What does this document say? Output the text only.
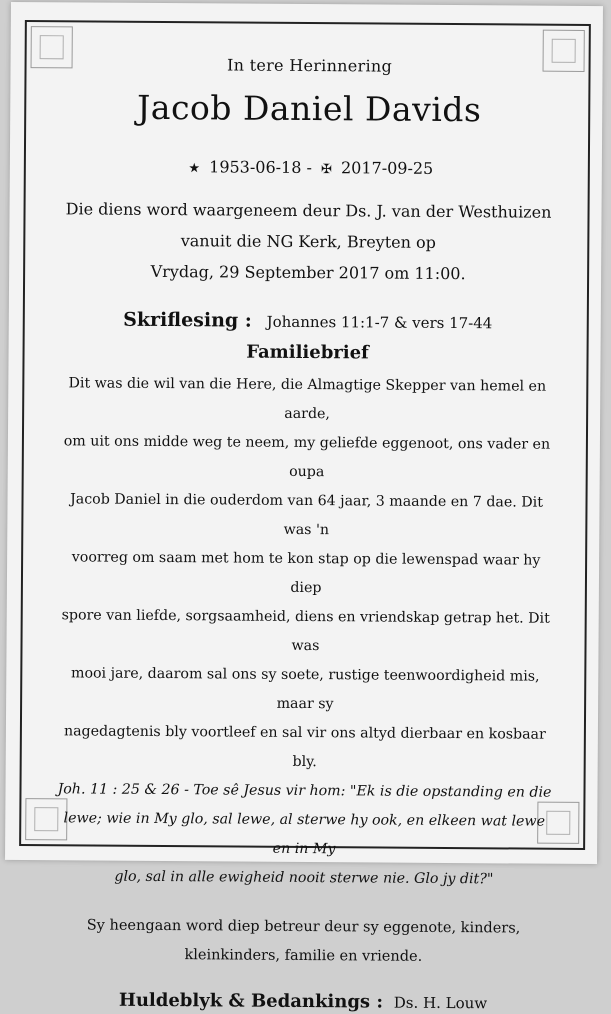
In tere Herinnering
Jacob Daniel Davids
★ 1953-06-18 - ✠ 2017-09-25
Die diens word waargeneem deur Ds. J. van der Westhuizen
vanuit die NG Kerk, Breyten op
Vrydag, 29 September 2017 om 11:00.
Skriflesing : Johannes 11:1-7 & vers 17-44
Familiebrief
Dit was die wil van die Here, die Almagtige Skepper van hemel en aarde,
om uit ons midde weg te neem, my geliefde eggenoot, ons vader en oupa
Jacob Daniel in die ouderdom van 64 jaar, 3 maande en 7 dae. Dit was 'n
voorreg om saam met hom te kon stap op die lewenspad waar hy diep
spore van liefde, sorgsaamheid, diens en vriendskap getrap het. Dit was
mooi jare, daarom sal ons sy soete, rustige teenwoordigheid mis, maar sy
nagedagtenis bly voortleef en sal vir ons altyd dierbaar en kosbaar bly.
Joh. 11 : 25 & 26 - Toe sê Jesus vir hom: "Ek is die opstanding en die
lewe; wie in My glo, sal lewe, al sterwe hy ook, en elkeen wat lewe en in My
glo, sal in alle ewigheid nooit sterwe nie. Glo jy dit?"
Sy heengaan word diep betreur deur sy eggenote, kinders,
kleinkinders, familie en vriende.
Huldeblyk & Bedankings : Ds. H. Louw
